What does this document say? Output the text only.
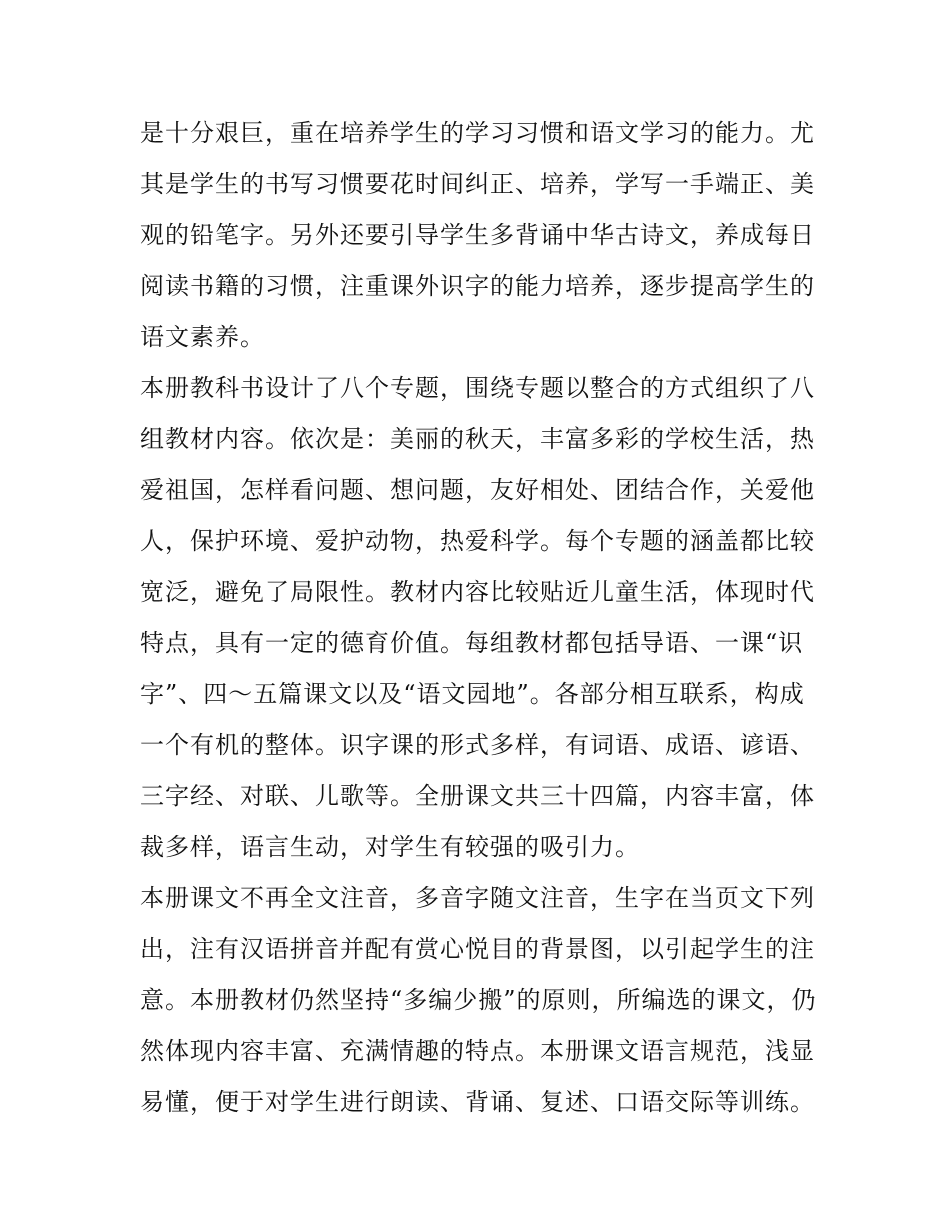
是十分艰巨，重在培养学生的学习习惯和语文学习的能力。尤
其是学生的书写习惯要花时间纠正、培养，学写一手端正、美
观的铅笔字。另外还要引导学生多背诵中华古诗文，养成每日
阅读书籍的习惯，注重课外识字的能力培养，逐步提高学生的
语文素养。
本册教科书设计了八个专题，围绕专题以整合的方式组织了八
组教材内容。依次是：美丽的秋天，丰富多彩的学校生活，热
爱祖国，怎样看问题、想问题，友好相处、团结合作，关爱他
人，保护环境、爱护动物，热爱科学。每个专题的涵盖都比较
宽泛，避免了局限性。教材内容比较贴近儿童生活，体现时代
特点，具有一定的德育价值。每组教材都包括导语、一课“识
字”、四～五篇课文以及“语文园地”。各部分相互联系，构成
一个有机的整体。识字课的形式多样，有词语、成语、谚语、
三字经、对联、儿歌等。全册课文共三十四篇，内容丰富，体
裁多样，语言生动，对学生有较强的吸引力。
本册课文不再全文注音，多音字随文注音，生字在当页文下列
出，注有汉语拼音并配有赏心悦目的背景图，以引起学生的注
意。本册教材仍然坚持“多编少搬”的原则，所编选的课文，仍
然体现内容丰富、充满情趣的特点。本册课文语言规范，浅显
易懂，便于对学生进行朗读、背诵、复述、口语交际等训练。
